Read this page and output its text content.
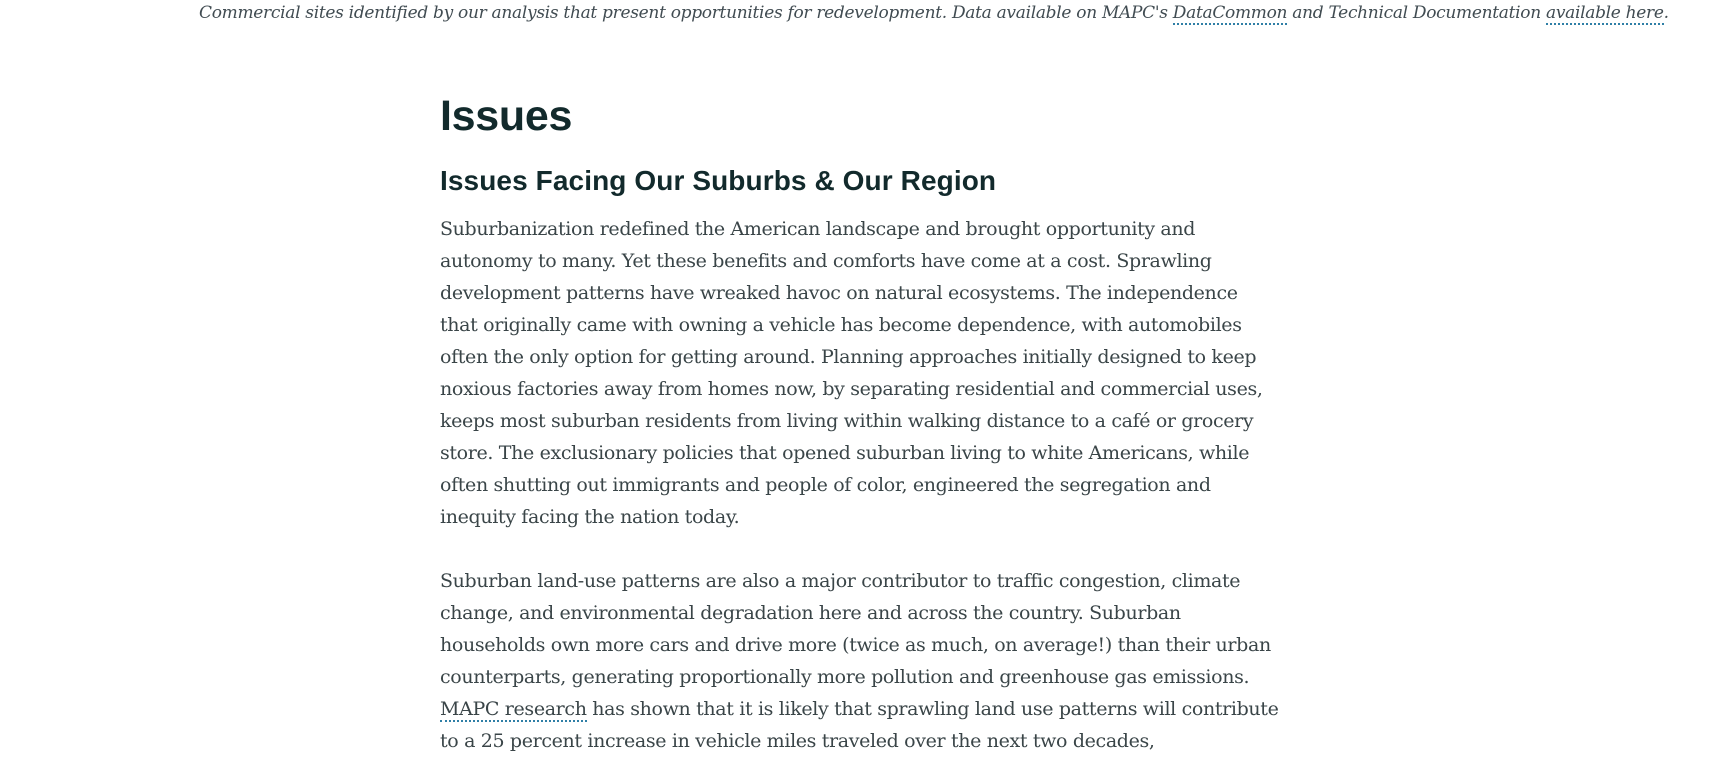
Commercial sites identified by our analysis that present opportunities for redevelopment. Data available on MAPC's DataCommon and Technical Documentation available here.
Issues
Issues Facing Our Suburbs & Our Region

Suburbanization redefined the American landscape and brought opportunity and autonomy to many. Yet these benefits and comforts have come at a cost. Sprawling development patterns have wreaked havoc on natural ecosystems. The independence that originally came with owning a vehicle has become dependence, with automobiles often the only option for getting around. Planning approaches initially designed to keep noxious factories away from homes now, by separating residential and commercial uses, keeps most suburban residents from living within walking distance to a café or grocery store. The exclusionary policies that opened suburban living to white Americans, while often shutting out immigrants and people of color, engineered the segregation and inequity facing the nation today.

Suburban land-use patterns are also a major contributor to traffic congestion, climate change, and environmental degradation here and across the country. Suburban households own more cars and drive more (twice as much, on average!) than their urban counterparts, generating proportionally more pollution and greenhouse gas emissions. MAPC research has shown that it is likely that sprawling land use patterns will contribute to a 25 percent increase in vehicle miles traveled over the next two decades,
